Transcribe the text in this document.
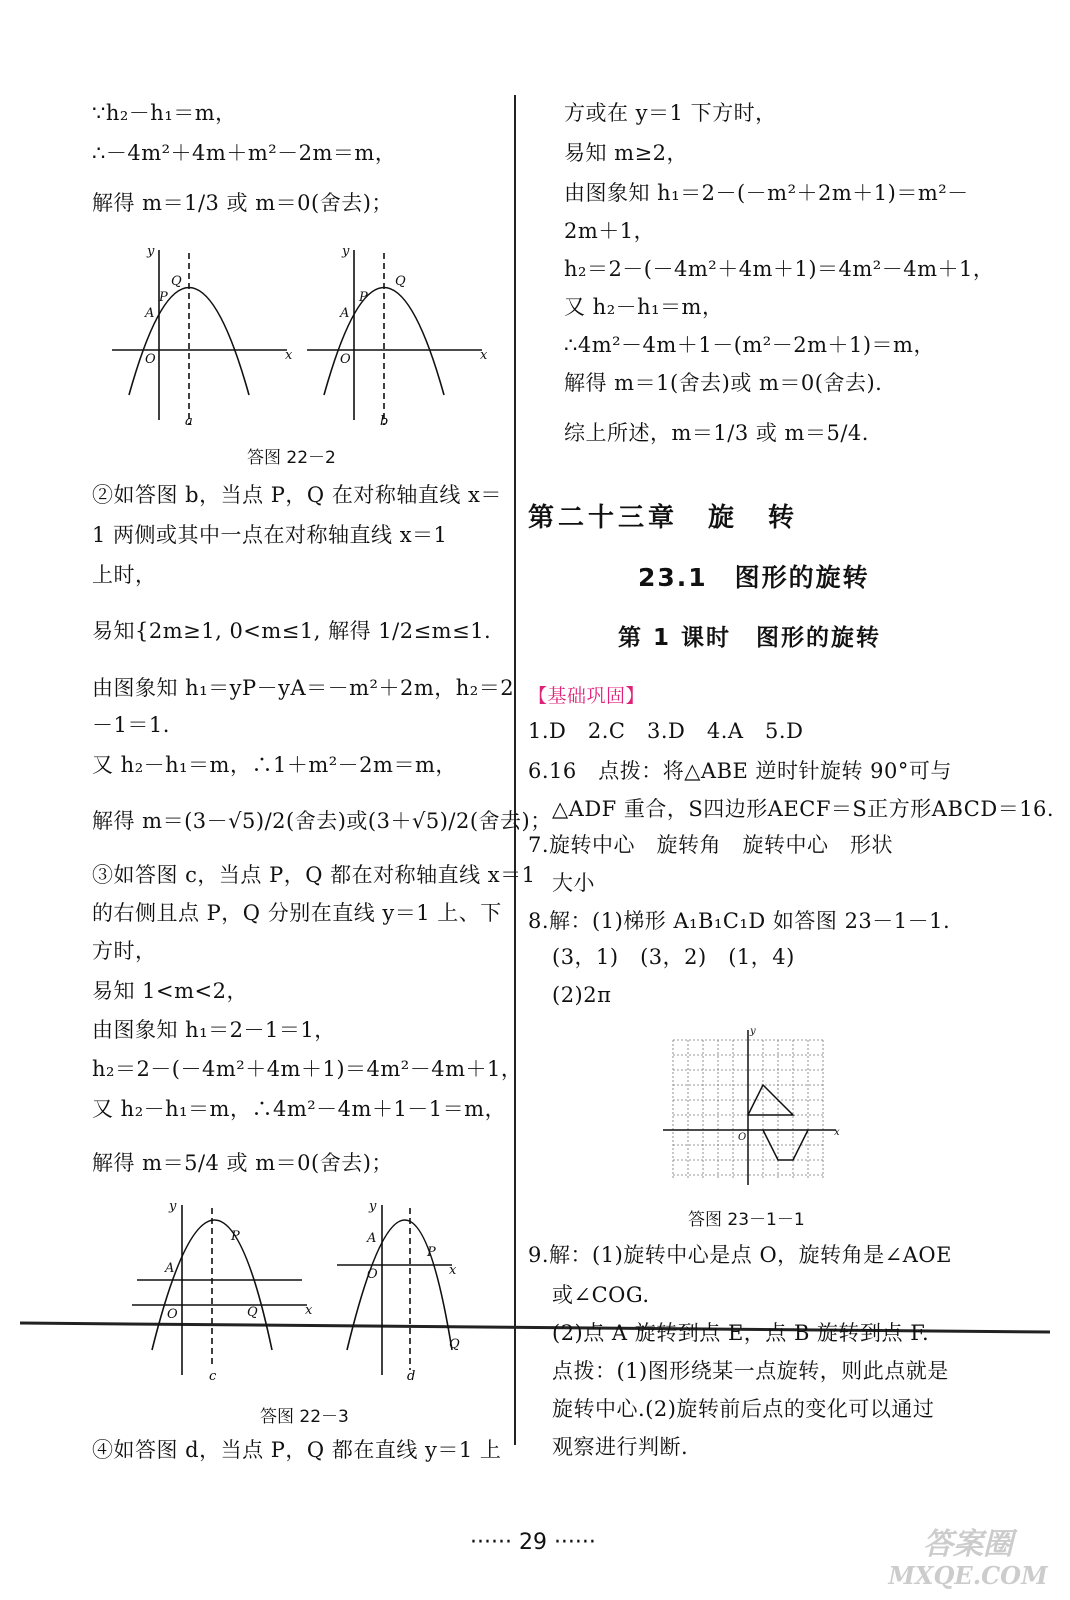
∵h₂－h₁＝m，
∴－4m²＋4m＋m²－2m＝m，
解得 m＝1/3 或 m＝0(舍去)；
y
x
O
A
P
Q
y
x
O
A
P
Q
a	b
答图 22－2
②如答图 b，当点 P，Q 在对称轴直线 x＝
1 两侧或其中一点在对称轴直线 x＝1
上时，
易知{2m≥1, 0<m≤1, 解得 1/2≤m≤1.
由图象知 h₁＝yP－yA＝－m²＋2m，h₂＝2
－1＝1.
又 h₂－h₁＝m，∴1＋m²－2m＝m，
解得 m＝(3－√5)/2(舍去)或(3＋√5)/2(舍去)；
③如答图 c，当点 P，Q 都在对称轴直线 x＝1
的右侧且点 P，Q 分别在直线 y＝1 上、下
方时，
易知 1<m<2，
由图象知 h₁＝2－1＝1，
h₂＝2－(－4m²＋4m＋1)＝4m²－4m＋1，
又 h₂－h₁＝m，∴4m²－4m＋1－1＝m，
解得 m＝5/4 或 m＝0(舍去)；
y
x
O
A
P
Q
y
x
O
A
P
Q
c	d
答图 22－3
④如答图 d，当点 P，Q 都在直线 y＝1 上
方或在 y＝1 下方时，
易知 m≥2，
由图象知 h₁＝2－(－m²＋2m＋1)＝m²－
2m＋1，
h₂＝2－(－4m²＋4m＋1)＝4m²－4m＋1，
又 h₂－h₁＝m，
∴4m²－4m＋1－(m²－2m＋1)＝m，
解得 m＝1(舍去)或 m＝0(舍去).
综上所述，m＝1/3 或 m＝5/4.
第二十三章　旋　转
23.1　图形的旋转
第 1 课时　图形的旋转
【基础巩固】
1.D　2.C　3.D　4.A　5.D
6.16　点拨：将△ABE 逆时针旋转 90°可与
△ADF 重合，S四边形AECF＝S正方形ABCD＝16.
7.旋转中心　旋转角　旋转中心　形状
大小
8.解：(1)梯形 A₁B₁C₁D 如答图 23－1－1.
(3，1)　(3，2)　(1，4)
(2)2π
y
x
O
答图 23－1－1
9.解：(1)旋转中心是点 O，旋转角是∠AOE
或∠COG.
(2)点 A 旋转到点 E，点 B 旋转到点 F.
点拨：(1)图形绕某一点旋转，则此点就是
旋转中心.(2)旋转前后点的变化可以通过
观察进行判断.
······ 29 ······	答案圈
MXQE.COM
